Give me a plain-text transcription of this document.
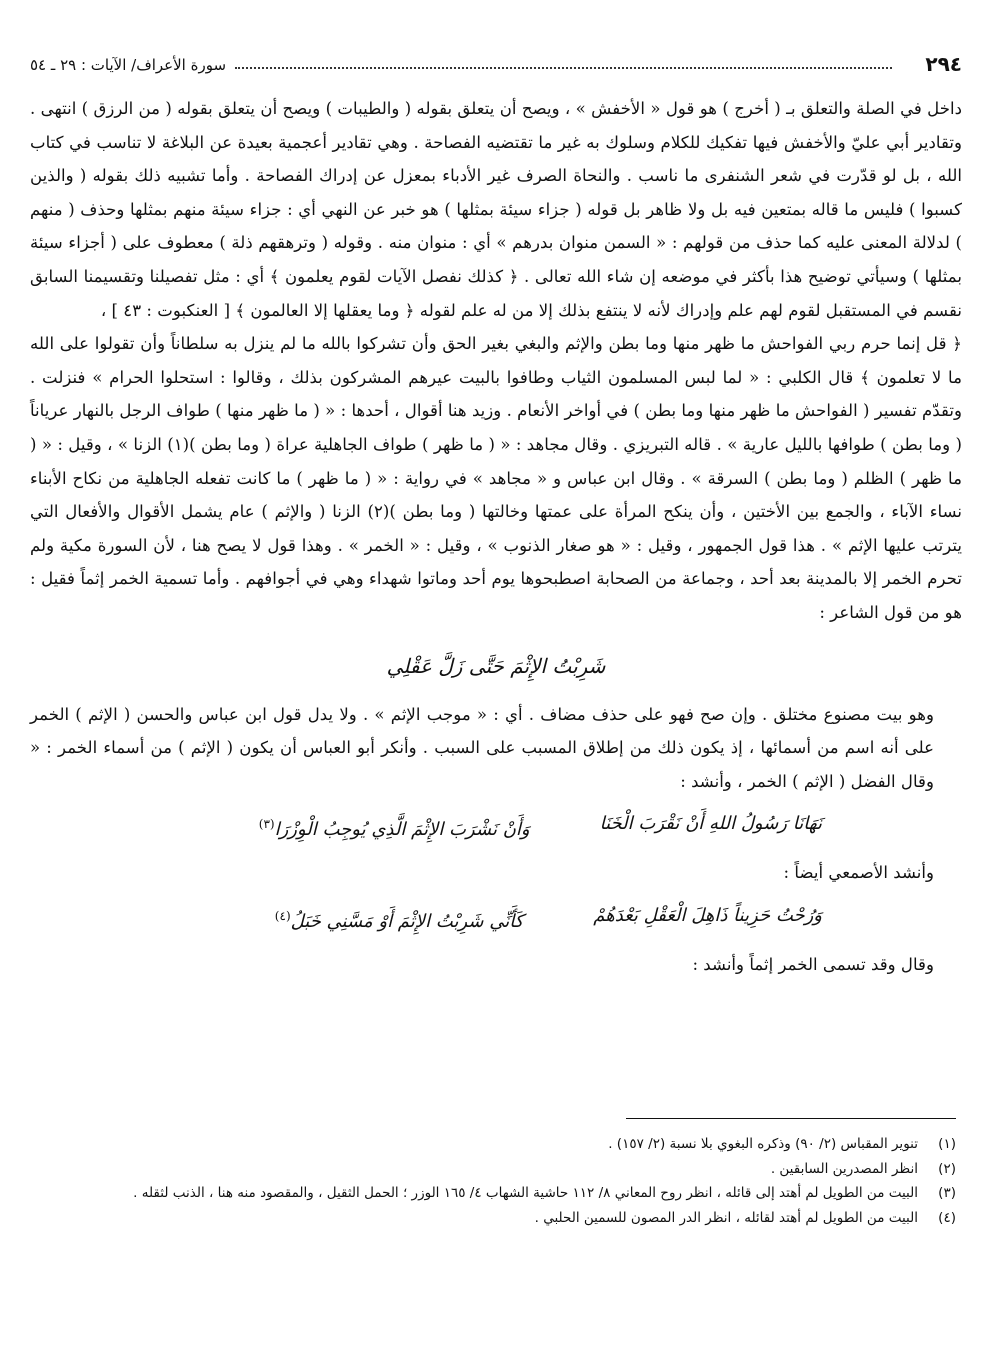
٢٩٤
سورة الأعراف/ الآيات : ٢٩ ـ ٥٤

داخل في الصلة والتعلق بـ ( أخرج ) هو قول « الأخفش » ، ويصح أن يتعلق بقوله ( والطيبات ) ويصح أن يتعلق بقوله ( من الرزق ) انتهى . وتقادير أبي عليّ والأخفش فيها تفكيك للكلام وسلوك به غير ما تقتضيه الفصاحة . وهي تقادير أعجمية بعيدة عن البلاغة لا تناسب في كتاب الله ، بل لو قدّرت في شعر الشنفرى ما ناسب . والنحاة الصرف غير الأدباء بمعزل عن إدراك الفصاحة . وأما تشبيه ذلك بقوله ( والذين كسبوا ) فليس ما قاله بمتعين فيه بل ولا ظاهر بل قوله ( جزاء سيئة بمثلها ) هو خبر عن النهي أي : جزاء سيئة منهم بمثلها وحذف ( منهم ) لدلالة المعنى عليه كما حذف من قولهم : « السمن منوان بدرهم » أي : منوان منه . وقوله ( وترهقهم ذلة ) معطوف على ( أجزاء سيئة بمثلها ) وسيأتي توضيح هذا بأكثر في موضعه إن شاء الله تعالى . ﴿ كذلك نفصل الآيات لقوم يعلمون ﴾ أي : مثل تفصيلنا وتقسيمنا السابق نقسم في المستقبل لقوم لهم علم وإدراك لأنه لا ينتفع بذلك إلا من له علم لقوله ﴿ وما يعقلها إلا العالمون ﴾ [ العنكبوت : ٤٣ ] ،

﴿ قل إنما حرم ربي الفواحش ما ظهر منها وما بطن والإثم والبغي بغير الحق وأن تشركوا بالله ما لم ينزل به سلطاناً وأن تقولوا على الله ما لا تعلمون ﴾ قال الكلبي : « لما لبس المسلمون الثياب وطافوا بالبيت عيرهم المشركون بذلك ، وقالوا : استحلوا الحرام » فنزلت . وتقدّم تفسير ( الفواحش ما ظهر منها وما بطن ) في أواخر الأنعام . وزيد هنا أقوال ، أحدها : « ( ما ظهر منها ) طواف الرجل بالنهار عرياناً ( وما بطن ) طوافها بالليل عارية » . قاله التبريزي . وقال مجاهد : « ( ما ظهر ) طواف الجاهلية عراة ( وما بطن )(١) الزنا » ، وقيل : « ( ما ظهر ) الظلم ( وما بطن ) السرقة » . وقال ابن عباس و « مجاهد » في رواية : « ( ما ظهر ) ما كانت تفعله الجاهلية من نكاح الأبناء نساء الآباء ، والجمع بين الأختين ، وأن ينكح المرأة على عمتها وخالتها ( وما بطن )(٢) الزنا ( والإثم ) عام يشمل الأقوال والأفعال التي يترتب عليها الإثم » . هذا قول الجمهور ، وقيل : « هو صغار الذنوب » ، وقيل : « الخمر » . وهذا قول لا يصح هنا ، لأن السورة مكية ولم تحرم الخمر إلا بالمدينة بعد أحد ، وجماعة من الصحابة اصطبحوها يوم أحد وماتوا شهداء وهي في أجوافهم . وأما تسمية الخمر إثماً فقيل : هو من قول الشاعر :

شَرِبْتُ الإِثْمَ حَتَّى زَلَّ عَقْلِي

وهو بيت مصنوع مختلق . وإن صح فهو على حذف مضاف . أي : « موجب الإثم » . ولا يدل قول ابن عباس والحسن ( الإثم ) الخمر على أنه اسم من أسمائها ، إذ يكون ذلك من إطلاق المسبب على السبب . وأنكر أبو العباس أن يكون ( الإثم ) من أسماء الخمر : « وقال الفضل ( الإثم ) الخمر ، وأنشد :

نَهَانَا رَسُولُ اللهِ أَنْ نَقْرَبَ الْخَنَا
وَأَنْ نَشْرَبَ الإِثْمَ الَّذِي يُوجِبُ الْوِزْرَا$^{(٣)}$

وأنشد الأصمعي أيضاً :

وَرُحْتُ حَزِيناً ذَاهِلَ الْعَقْلِ بَعْدَهُمْ
كَأَنِّي شَرِبْتُ الإِثْمَ أَوْ مَسَّنِي خَبَلُ$^{(٤)}$

وقال وقد تسمى الخمر إثماً وأنشد :

(١)
تنوير المقباس (٢/ ٩٠) وذكره البغوي بلا نسبة (٢/ ١٥٧) .
(٢)
انظر المصدرين السابقين .
(٣)
البيت من الطويل لم أهتد إلى قائله ، انظر روح المعاني ٨/ ١١٢ حاشية الشهاب ٤/ ١٦٥ الوزر ؛ الحمل الثقيل ، والمقصود منه هنا ، الذنب لثقله .
(٤)
البيت من الطويل لم أهتد لقائله ، انظر الدر المصون للسمين الحلبي .
